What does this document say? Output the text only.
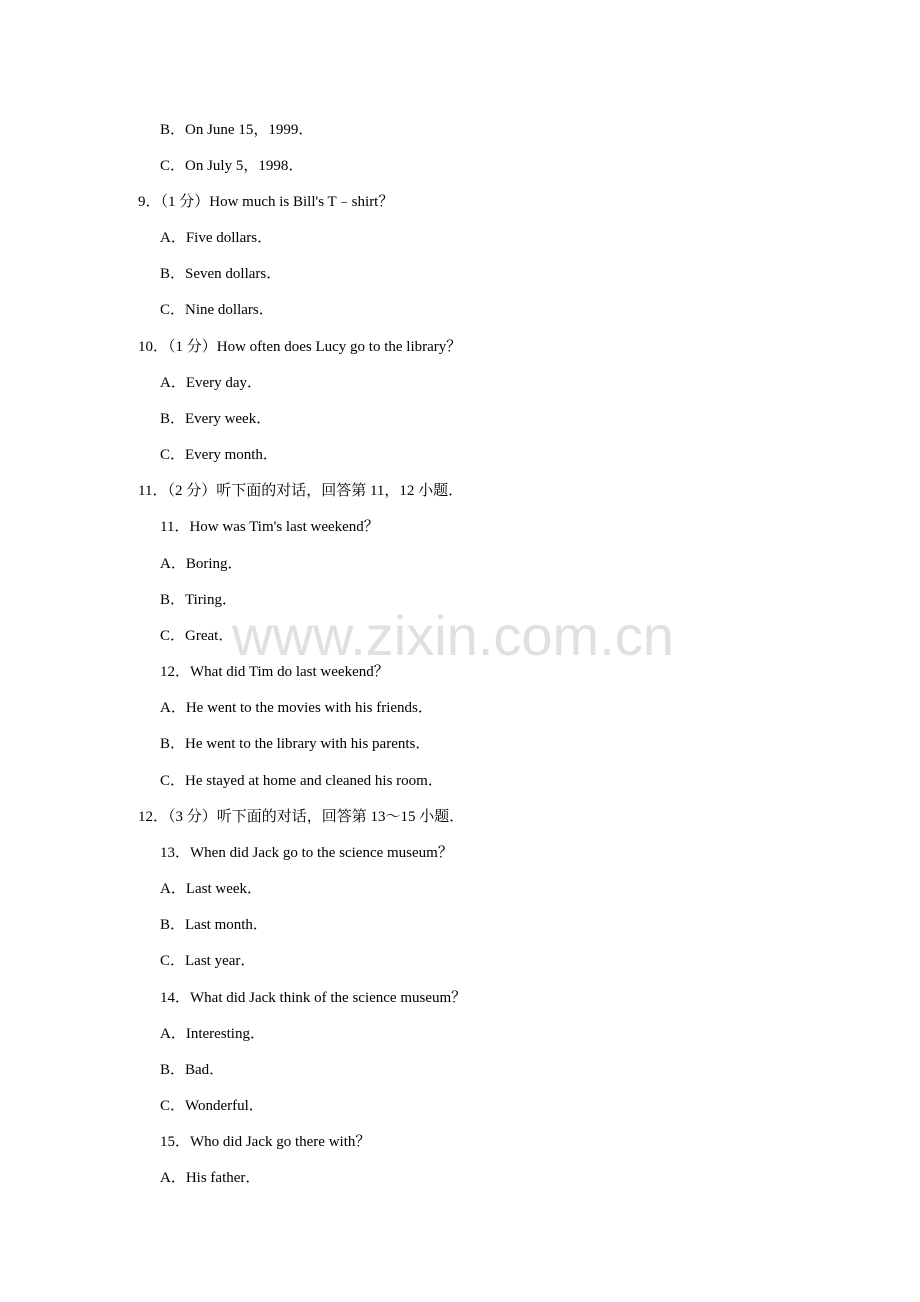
B．On June 15，1999．
C．On July 5，1998．
9．（1 分）How much is Bill's T﹣shirt？
A．Five dollars．
B．Seven dollars．
C．Nine dollars．
10．（1 分）How often does Lucy go to the library？
A．Every day．
B．Every week．
C．Every month．
11．（2 分）听下面的对话，回答第 11，12 小题．
11．How was Tim's last weekend？
A．Boring．
B．Tiring．
C．Great．
12．What did Tim do last weekend？
A．He went to the movies with his friends．
B．He went to the library with his parents．
C．He stayed at home and cleaned his room．
12．（3 分）听下面的对话，回答第 13～15 小题．
13．When did Jack go to the science museum？
A．Last week．
B．Last month．
C．Last year．
14．What did Jack think of the science museum？
A．Interesting．
B．Bad．
C．Wonderful．
15．Who did Jack go there with？
A．His father．
www.zixin.com.cn
